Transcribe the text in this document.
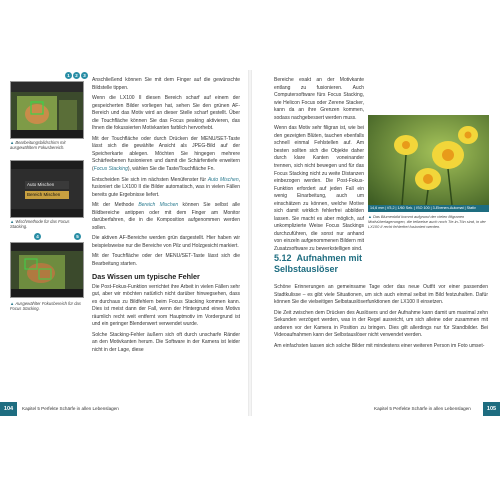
1	2	3
▲ Bearbeitungsbildschirm mit ausgewähltem Fokusbereich.
Auto Mischen
Bereich Mischen
▲ Wischmethode für das Focus Stacking.
4	5
▲ Ausgewählter Fokusbereich für das Focus Stacking.

Anschließend können Sie mit dem Finger auf die gewünschte Bildstelle tippen.

Wenn die LX100 II diesen Bereich scharf auf einem der gespeicherten Bilder vorliegen hat, sehen Sie den grünen AF-Bereich und das Motiv wird an dieser Stelle scharf gestellt. Über die Touchfläche können Sie das Focus peaking aktivieren, das Ihnen die fokussierten Motivkanten farblich hervorhebt.

Mit der Touchfläche oder durch Drücken der MENU/SET-Taste lässt sich die gewählte Ansicht als JPEG-Bild auf der Speicherkarte ablegen. Möchten Sie hingegen mehrere Schärfeebenen fusionieren und damit die Schärfentiefe erweitern (Focus Stacking), wählen Sie die Taste/Touchfläche Fn.

Entscheiden Sie sich im nächsten Menüfenster für Auto Mischen, fusioniert die LX100 II die Bilder automatisch, was in vielen Fällen bereits gute Ergebnisse liefert.

Mit der Methode Bereich Mischen können Sie selbst alle Bildbereiche antippen oder mit dem Finger am Monitor darüberfahren, die in die Komposition aufgenommen werden sollen.

Die aktiven AF-Bereiche werden grün dargestellt. Hier haben wir beispielsweise nur die Bereiche von Pilz und Holzgesicht markiert.

Mit der Touchfläche oder der MENU/SET-Taste lässt sich die Bearbeitung starten.

Das Wissen um typische Fehler

Die Post-Fokus-Funktion verrichtet ihre Arbeit in vielen Fällen sehr gut, aber wir möchten natürlich nicht darüber hinwegsehen, dass es durchaus zu Bildfehlern beim Focus Stacking kommen kann. Dies ist meist dann der Fall, wenn der Hintergrund eines Motivs räumlich recht weit entfernt vom Hauptmotiv im Vordergrund ist und ein geringer Blendenwert verwendet wurde.

Solche Stacking-Fehler äußern sich oft durch unscharfe Ränder an den Motivkanten herum. Die Software in der Kamera ist leider nicht in der Lage, diese

104	Kapitel 5 Perfekte Schärfe in allen Lebenslagen

Bereiche exakt an der Motivkante entlang zu fusionieren. Auch Computersoftware fürs Focus Stacking, wie Helicon Focus oder Zerene Stacker, kann da an ihre Grenzen kommen, sodass nachgebessert werden muss.

Wenn das Motiv sehr filigran ist, wie bei den gezeigten Blüten, tauchen ebenfalls schnell einmal Fehlstellen auf. Am besten sollten sich die Objekte daher durch klare Kanten voneinander trennen, sich nicht bewegen und für das Focus Stacking nicht zu weite Distanzen einbezogen werden. Die Post-Fokus-Funktion erfordert auf jeden Fall ein wenig Einarbeitung, auch um einschätzen zu können, welche Motive sich damit wirklich fehlerfrei abbilden lassen. Sie macht es aber möglich, auf unkomplizierte Weise Focus Stackings durchzuführen, die sonst nur anhand von einzeln aufgenommenen Bildern mit Zusatzsoftware zu bewerkstelligen sind.

14,6 mm | f/3,2 | 1/60 Sek. | ISO 100 | 3-Ebenen-Automat | Stativ
▲ Das Blumenbild kommt aufgrund der vielen filigranen Motivüberlagerungen, die teilweise auch noch Tie-in-Tön sind, in der LX100 II recht fehlerfrei fusioniert werden.
5.12 Aufnahmen mit Selbstauslöser

Schöne Erinnerungen an gemeinsame Tage oder das neue Outfit vor einer passenden Stadtkulisse – es gibt viele Situationen, um sich auch einmal selbst im Bild festzuhalten. Dafür können Sie die vielseitigen Selbstauslöserfunktionen der LX100 II einsetzen.

Die Zeit zwischen dem Drücken des Auslösers und der Aufnahme kann damit um maximal zehn Sekunden verzögert werden, was in der Regel ausreicht, um sich alleine oder zusammen mit anderen vor der Kamera in Position zu bringen. Dies gilt allerdings nur für Standbilder. Bei Videoaufnahmen kann der Selbstauslöser nicht verwendet werden.

Am einfachsten lassen sich solche Bilder mit mindestens einer weiteren Person im Foto umset-

Kapitel 5 Perfekte Schärfe in allen Lebenslagen	105
